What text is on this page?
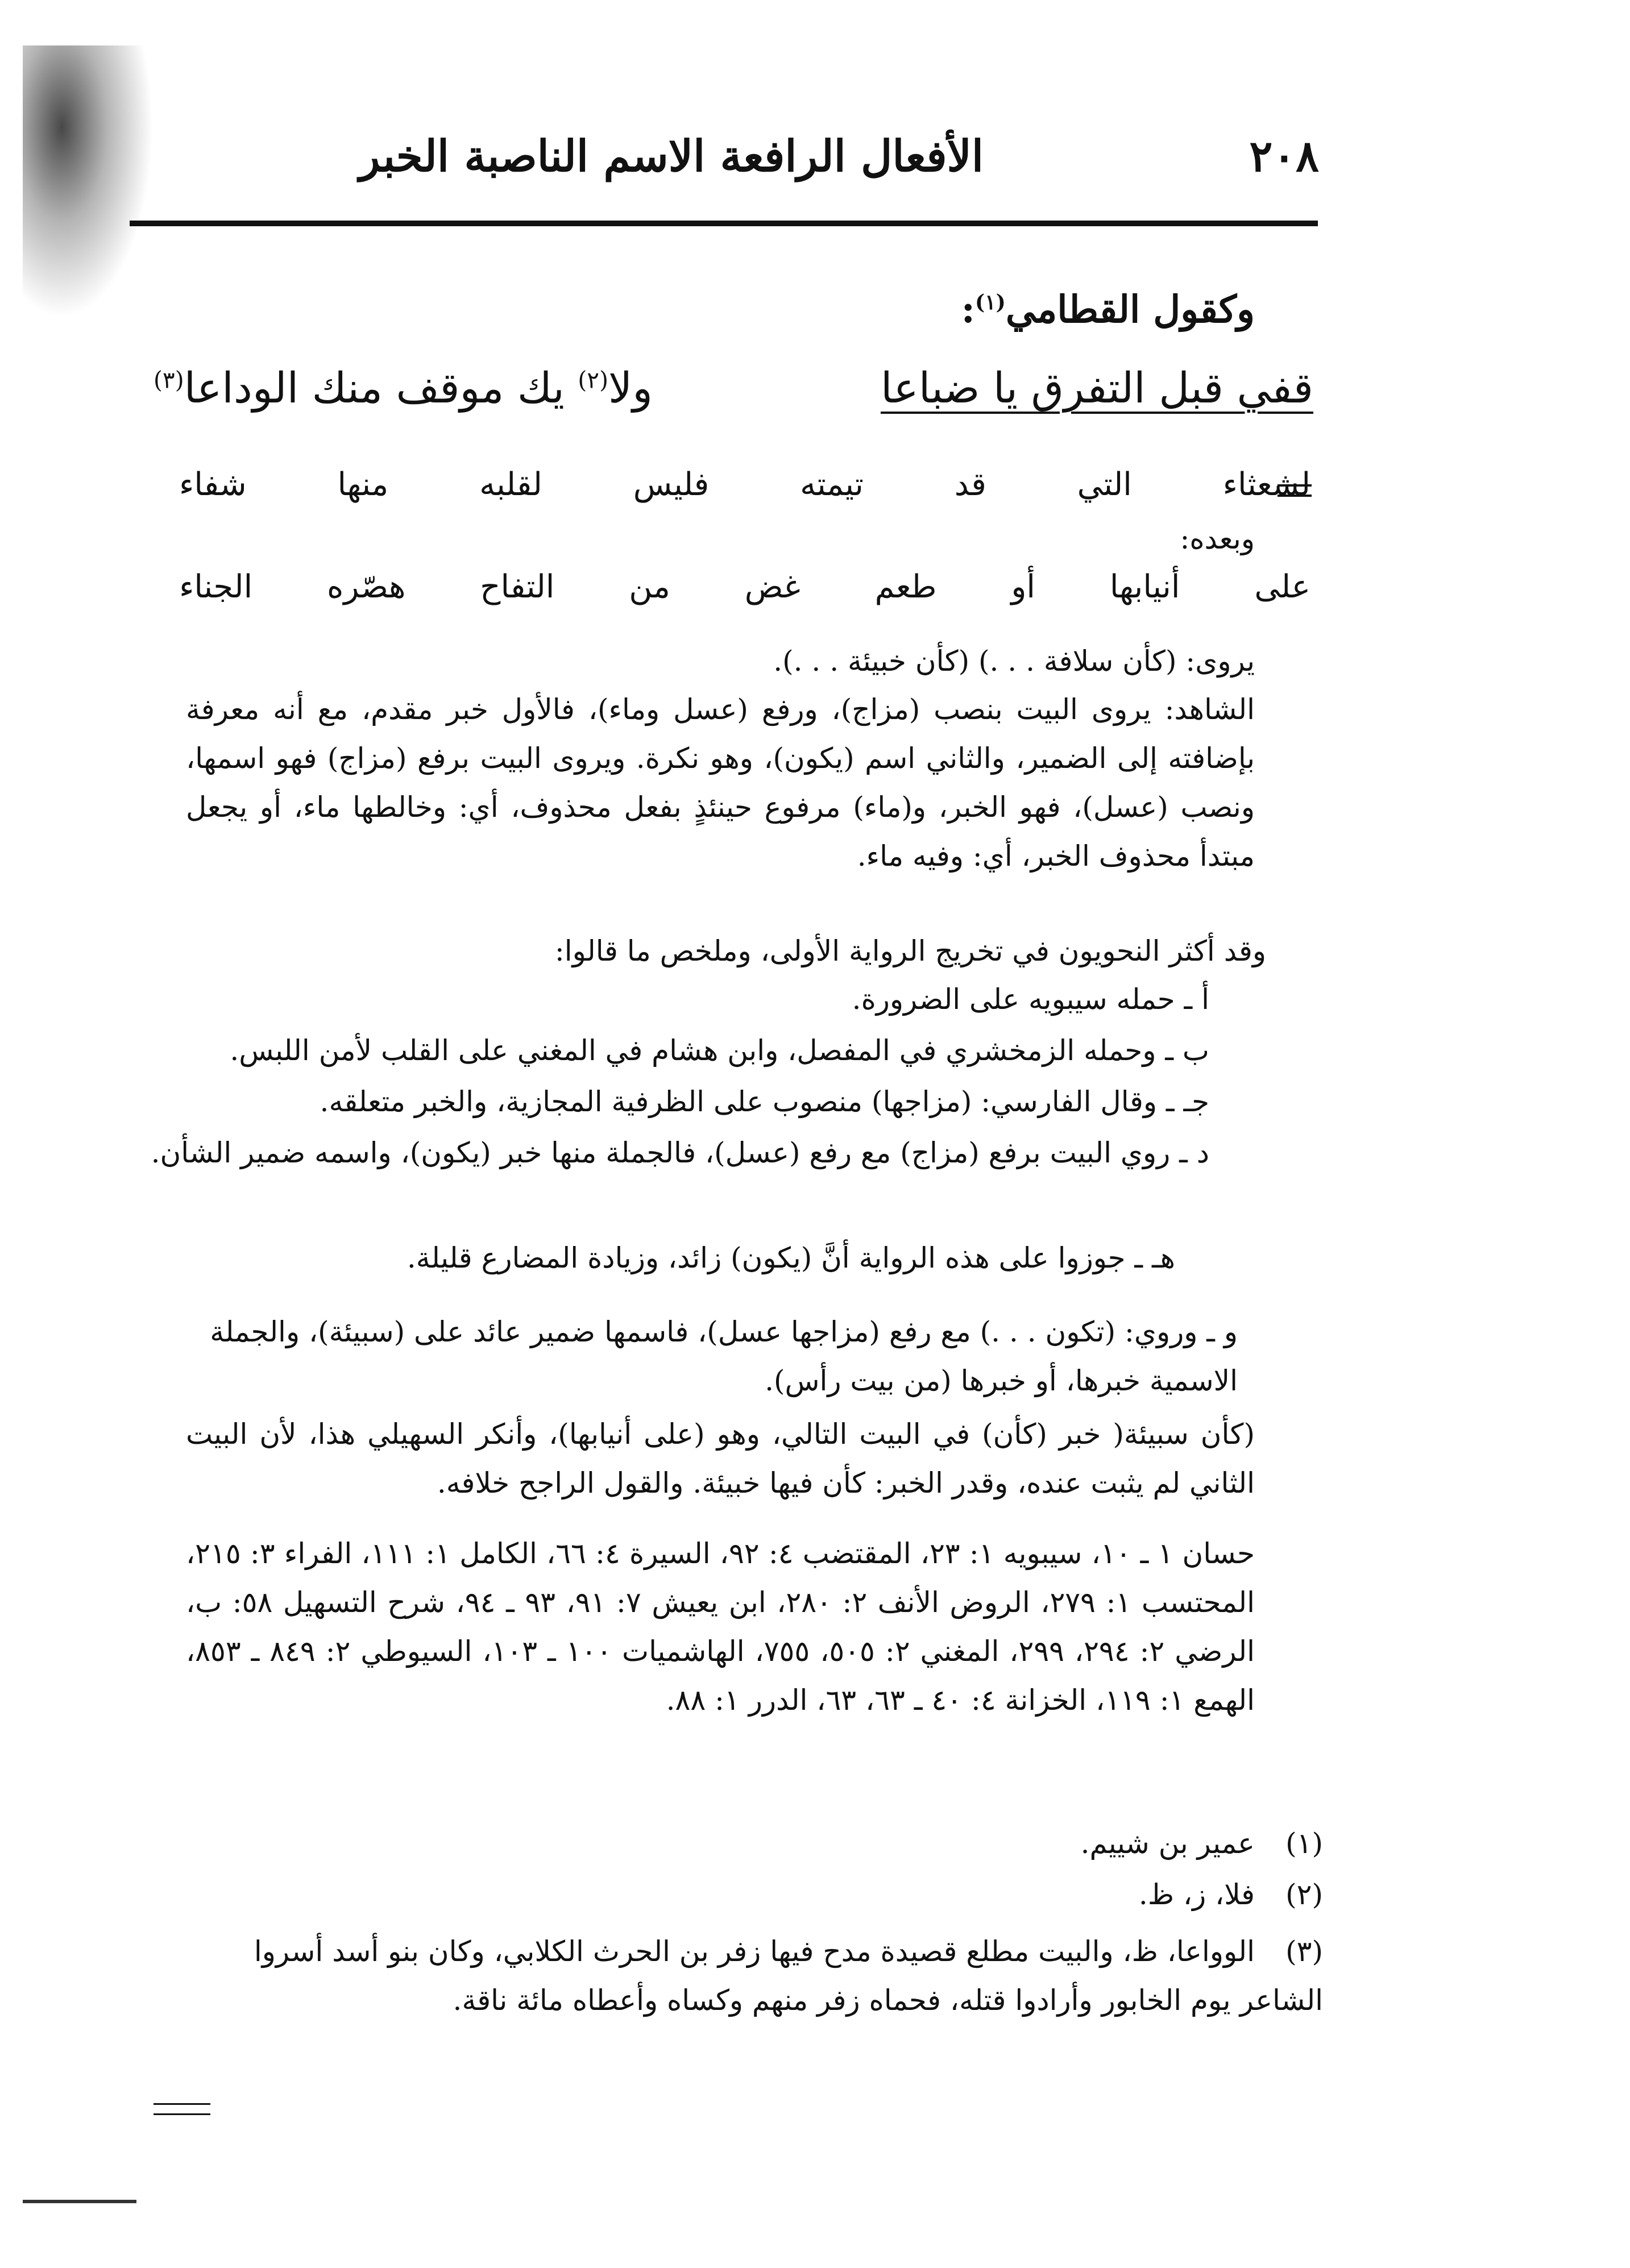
٢٠٨
الأفعال الرافعة الاسم الناصبة الخبر
وكقول القطامي$^{(١)}$:
قفي قبل التفرق يا ضباعا
ولا$^{(٢)}$ يك موقف منك الوداعا$^{(٣)}$
لشعثاء
التي
قد
تيمته
فليس
لقلبه
منها
شفاء
وبعده:
على
أنيابها
أو
طعم
غض
من
التفاح
هصّره
الجناء
يروى: (كأن سلافة . . .) (كأن خبيئة . . .).
الشاهد: يروى البيت بنصب (مزاج)، ورفع (عسل وماء)، فالأول خبر مقدم، مع أنه معرفة بإضافته إلى الضمير، والثاني اسم (يكون)، وهو نكرة. ويروى البيت برفع (مزاج) فهو اسمها، ونصب (عسل)، فهو الخبر، و(ماء) مرفوع حينئذٍ بفعل محذوف، أي: وخالطها ماء، أو يجعل مبتدأ محذوف الخبر، أي: وفيه ماء.
وقد أكثر النحويون في تخريج الرواية الأولى، وملخص ما قالوا:
أ ـ حمله سيبويه على الضرورة.
ب ـ وحمله الزمخشري في المفصل، وابن هشام في المغني على القلب لأمن اللبس.
جـ ـ وقال الفارسي: (مزاجها) منصوب على الظرفية المجازية، والخبر متعلقه.
د ـ روي البيت برفع (مزاج) مع رفع (عسل)، فالجملة منها خبر (يكون)، واسمه ضمير الشأن.
هـ ـ جوزوا على هذه الرواية أنَّ (يكون) زائد، وزيادة المضارع قليلة.
و ـ وروي: (تكون . . .) مع رفع (مزاجها عسل)، فاسمها ضمير عائد على (سبيئة)، والجملة الاسمية خبرها، أو خبرها (من بيت رأس).
(كأن سبيئة( خبر (كأن) في البيت التالي، وهو (على أنيابها)، وأنكر السهيلي هذا، لأن البيت الثاني لم يثبت عنده، وقدر الخبر: كأن فيها خبيئة. والقول الراجح خلافه.
حسان ١ ـ ١٠، سيبويه ١: ٢٣، المقتضب ٤: ٩٢، السيرة ٤: ٦٦، الكامل ١: ١١١، الفراء ٣: ٢١٥، المحتسب ١: ٢٧٩، الروض الأنف ٢: ٢٨٠، ابن يعيش ٧: ٩١، ٩٣ ـ ٩٤، شرح التسهيل ٥٨: ب، الرضي ٢: ٢٩٤، ٢٩٩، المغني ٢: ٥٠٥، ٧٥٥، الهاشميات ١٠٠ ـ ١٠٣، السيوطي ٢: ٨٤٩ ـ ٨٥٣، الهمع ١: ١١٩، الخزانة ٤: ٤٠ ـ ٦٣، ٦٣، الدرر ١: ٨٨.
(١)عمير بن شييم.
(٢)فلا، ز، ظ.
(٣)الوواعا، ظ، والبيت مطلع قصيدة مدح فيها زفر بن الحرث الكلابي، وكان بنو أسد أسروا الشاعر يوم الخابور وأرادوا قتله، فحماه زفر منهم وكساه وأعطاه مائة ناقة.
